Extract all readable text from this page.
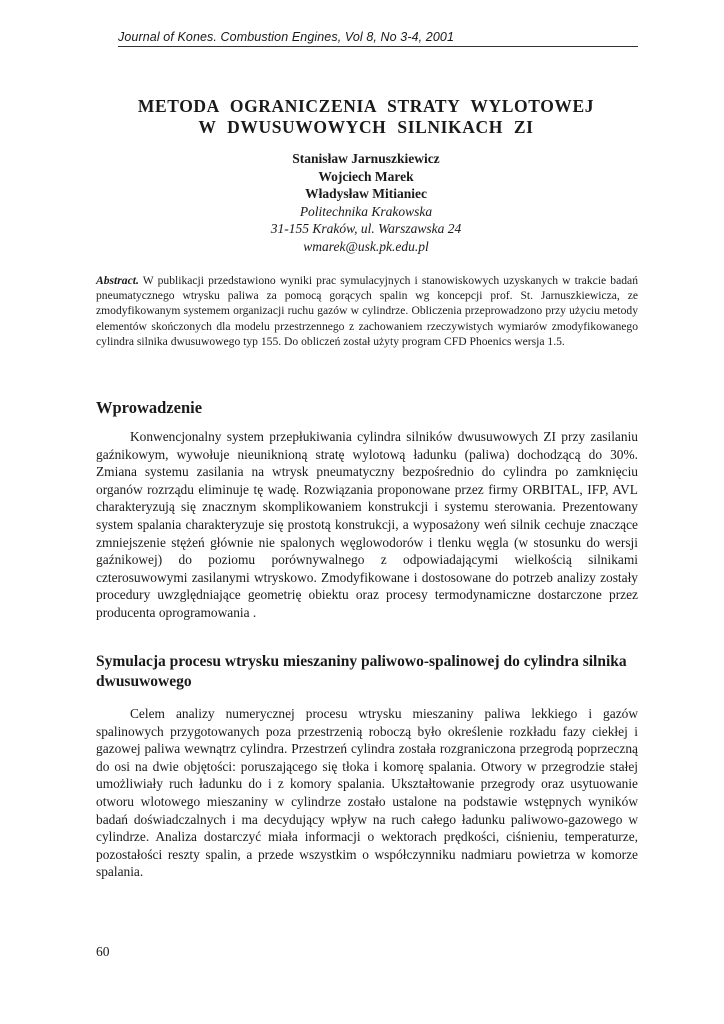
Journal of Kones. Combustion Engines, Vol 8, No 3-4, 2001
METODA OGRANICZENIA STRATY WYLOTOWEJ
W DWUSUWOWYCH SILNIKACH ZI
Stanisław Jarnuszkiewicz
Wojciech Marek
Władysław Mitianiec
Politechnika Krakowska
31-155 Kraków, ul. Warszawska 24
wmarek@usk.pk.edu.pl
Abstract. W publikacji przedstawiono wyniki prac symulacyjnych i stanowiskowych uzyskanych w trakcie badań pneumatycznego wtrysku paliwa za pomocą gorących spalin wg koncepcji prof. St. Jarnuszkiewicza, ze zmodyfikowanym systemem organizacji ruchu gazów w cylindrze. Obliczenia przeprowadzono przy użyciu metody elementów skończonych dla modelu przestrzennego z zachowaniem rzeczywistych wymiarów zmodyfikowanego cylindra silnika dwusuwowego typ 155. Do obliczeń został użyty program CFD Phoenics wersja 1.5.
Wprowadzenie
Konwencjonalny system przepłukiwania cylindra silników dwusuwowych ZI przy zasilaniu gaźnikowym, wywołuje nieuniknioną stratę wylotową ładunku (paliwa) dochodzącą do 30%. Zmiana systemu zasilania na wtrysk pneumatyczny bezpośrednio do cylindra po zamknięciu organów rozrządu eliminuje tę wadę. Rozwiązania proponowane przez firmy ORBITAL, IFP, AVL charakteryzują się znacznym skomplikowaniem konstrukcji i systemu sterowania. Prezentowany system spalania charakteryzuje się prostotą konstrukcji, a wyposażony weń silnik cechuje znaczące zmniejszenie stężeń głównie nie spalonych węglowodorów i tlenku węgla (w stosunku do wersji gaźnikowej) do poziomu porównywalnego z odpowiadającymi wielkością silnikami czterosuwowymi zasilanymi wtryskowo. Zmodyfikowane i dostosowane do potrzeb analizy zostały procedury uwzględniające geometrię obiektu oraz procesy termodynamiczne dostarczone przez producenta oprogramowania .
Symulacja procesu wtrysku mieszaniny paliwowo-spalinowej do cylindra silnika dwusuwowego
Celem analizy numerycznej procesu wtrysku mieszaniny paliwa lekkiego i gazów spalinowych przygotowanych poza przestrzenią roboczą było określenie rozkładu fazy ciekłej i gazowej paliwa wewnątrz cylindra. Przestrzeń cylindra została rozgraniczona przegrodą poprzeczną do osi na dwie objętości: poruszającego się tłoka i komorę spalania. Otwory w przegrodzie stałej umożliwiały ruch ładunku do i z komory spalania. Ukształtowanie przegrody oraz usytuowanie otworu wlotowego mieszaniny w cylindrze zostało ustalone na podstawie wstępnych wyników badań doświadczalnych i ma decydujący wpływ na ruch całego ładunku paliwowo-gazowego w cylindrze. Analiza dostarczyć miała informacji o wektorach prędkości, ciśnieniu, temperaturze, pozostałości reszty spalin, a przede wszystkim o współczynniku nadmiaru powietrza w komorze spalania.
60
